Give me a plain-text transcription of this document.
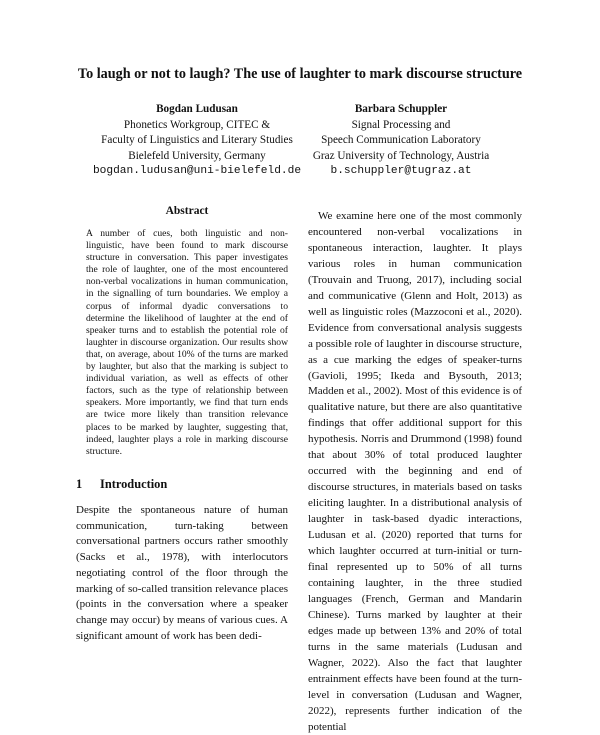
To laugh or not to laugh? The use of laughter to mark discourse structure
Bogdan Ludusan
Phonetics Workgroup, CITEC &
Faculty of Linguistics and Literary Studies
Bielefeld University, Germany
bogdan.ludusan@uni-bielefeld.de
Barbara Schuppler
Signal Processing and
Speech Communication Laboratory
Graz University of Technology, Austria
b.schuppler@tugraz.at
Abstract
A number of cues, both linguistic and non-linguistic, have been found to mark discourse structure in conversation. This paper investigates the role of laughter, one of the most encountered non-verbal vocalizations in human communication, in the signalling of turn boundaries. We employ a corpus of informal dyadic conversations to determine the likelihood of laughter at the end of speaker turns and to establish the potential role of laughter in discourse organization. Our results show that, on average, about 10% of the turns are marked by laughter, but also that the marking is subject to individual variation, as well as effects of other factors, such as the type of relationship between speakers. More importantly, we find that turn ends are twice more likely than transition relevance places to be marked by laughter, suggesting that, indeed, laughter plays a role in marking discourse structure.
1 Introduction
Despite the spontaneous nature of human communication, turn-taking between conversational partners occurs rather smoothly (Sacks et al., 1978), with interlocutors negotiating control of the floor through the marking of so-called transition relevance places (points in the conversation where a speaker change may occur) by means of various cues. A significant amount of work has been dedi-
We examine here one of the most commonly encountered non-verbal vocalizations in spontaneous interaction, laughter. It plays various roles in human communication (Trouvain and Truong, 2017), including social and communicative (Glenn and Holt, 2013) as well as linguistic roles (Mazzoconi et al., 2020). Evidence from conversational analysis suggests a possible role of laughter in discourse structure, as a cue marking the edges of speaker-turns (Gavioli, 1995; Ikeda and Bysouth, 2013; Madden et al., 2002). Most of this evidence is of qualitative nature, but there are also quantitative findings that offer additional support for this hypothesis. Norris and Drummond (1998) found that about 30% of total produced laughter occurred with the beginning and end of discourse structures, in materials based on tasks eliciting laughter. In a distributional analysis of laughter in task-based dyadic interactions, Ludusan et al. (2020) reported that turns for which laughter occurred at turn-initial or turn-final represented up to 50% of all turns containing laughter, in the three studied languages (French, German and Mandarin Chinese). Turns marked by laughter at their edges made up between 13% and 20% of total turns in the same materials (Ludusan and Wagner, 2022). Also the fact that laughter entrainment effects have been found at the turn-level in conversation (Ludusan and Wagner, 2022), represents further indication of the potential
